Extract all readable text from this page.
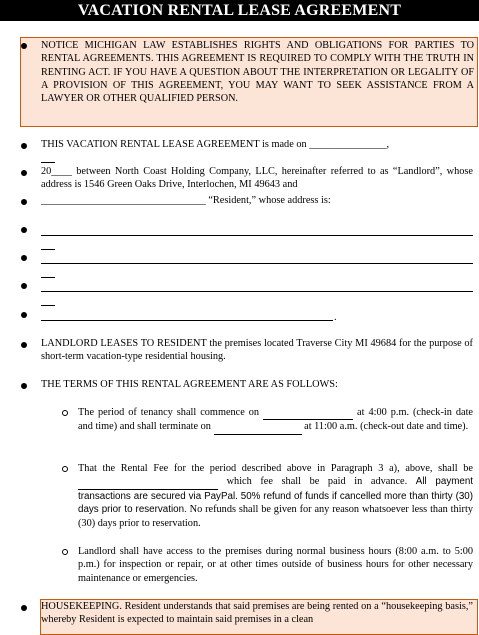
VACATION RENTAL LEASE AGREEMENT
NOTICE MICHIGAN LAW ESTABLISHES RIGHTS AND OBLIGATIONS FOR PARTIES TO RENTAL AGREEMENTS. THIS AGREEMENT IS REQUIRED TO COMPLY WITH THE TRUTH IN RENTING ACT. IF YOU HAVE A QUESTION ABOUT THE INTERPRETATION OR LEGALITY OF A PROVISION OF THIS AGREEMENT, YOU MAY WANT TO SEEK ASSISTANCE FROM A LAWYER OR OTHER QUALIFIED PERSON.
THIS VACATION RENTAL LEASE AGREEMENT is made on _______________,
20____ between North Coast Holding Company, LLC, hereinafter referred to as “Landlord”, whose address is 1546 Green Oaks Drive, Interlochen, MI 49643 and
________________________________ “Resident,” whose address is:
.
LANDLORD LEASES TO RESIDENT the premises located Traverse City MI 49684 for the purpose of short-term vacation-type residential housing.
THE TERMS OF THIS RENTAL AGREEMENT ARE AS FOLLOWS:
The period of tenancy shall commence on	at 4:00 p.m. (check-in date and time) and shall terminate on	at 11:00 a.m. (check-out date and time).
That the Rental Fee for the period described above in Paragraph 3 a), above, shall be   which fee shall be paid in advance. All payment transactions are secured via PayPal. 50% refund of funds if cancelled more than thirty (30) days prior to reservation. No refunds shall be given for any reason whatsoever less than thirty (30) days prior to reservation.
Landlord shall have access to the premises during normal business hours (8:00 a.m. to 5:00 p.m.) for inspection or repair, or at other times outside of business hours for other necessary maintenance or emergencies.
HOUSEKEEPING. Resident understands that said premises are being rented on a “housekeeping basis,” whereby Resident is expected to maintain said premises in a clean
